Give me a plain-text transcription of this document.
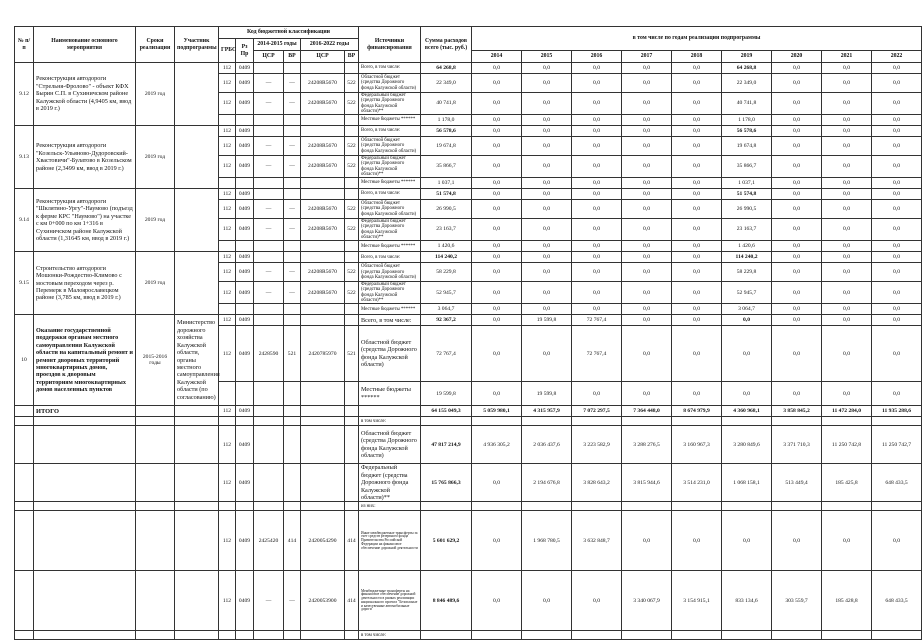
№ п/п	Наименование основного мероприятия	Сроки реализации	Участник подпрограммы	Код бюджетной классификации						Источники финансирования	Сумма расходов всего (тыс. руб.)	в том числе по годам реализации подпрограммы								
				ГРБС	Рз Пр	2014-2015 годы		2016-2022 годы												
						ЦСР	ВР	ЦСР	ВР			2014	2015	2016	2017	2018	2019	2020	2021	2022
9.12	Реконструкция автодороги "Стрельня-Фролово" - объект КФХ Бырин С.П. в Сухиничском районе Калужской области (4,9405 км, ввод в 2019 г.)	2019 год		112	0409					Всего, в том числе:	64 268,8	0,0	0,0	0,0	0,0	0,0	64 268,8	0,0	0,0	0,0
				112	0409	—	—	24208R5670	522	Областной бюджет (средства Дорожного фонда Калужской области)	22 349,0	0,0	0,0	0,0	0,0	0,0	22 349,0	0,0	0,0	0,0
				112	0409	—	—	24208R5670	522	Федеральный бюджет (средства Дорожного фонда Калужской области)**	40 741,8	0,0	0,0	0,0	0,0	0,0	40 741,8	0,0	0,0	0,0
										Местные бюджеты ******	1 178,0	0,0	0,0	0,0	0,0	0,0	1 178,0	0,0	0,0	0,0
9.13	Реконструкция автодороги "Козельск-Ульяново-Дудоровский-Хвастовичи"-Булатово в Козельском районе (2,3499 км, ввод в 2019 г.)	2019 год		112	0409					Всего, в том числе:	56 578,6	0,0	0,0	0,0	0,0	0,0	56 578,6	0,0	0,0	0,0
				112	0409	—	—	24208R5670	522	Областной бюджет (средства Дорожного фонда Калужской области)	19 674,8	0,0	0,0	0,0	0,0	0,0	19 674,8	0,0	0,0	0,0
				112	0409	—	—	24208R5670	522	Федеральный бюджет (средства Дорожного фонда Калужской области)**	35 866,7	0,0	0,0	0,0	0,0	0,0	35 866,7	0,0	0,0	0,0
										Местные бюджеты ******	1 037,1	0,0	0,0	0,0	0,0	0,0	1 037,1	0,0	0,0	0,0
9.14	Реконструкция автодороги "Шклятино-Ургу"-Наумово (подъезд к ферме КРС "Наумово") на участке с км 0+000 по км 1+316 в Сухиничском районе Калужской области (1,31645 км, ввод в 2019 г.)	2019 год		112	0409					Всего, в том числе:	51 574,8	0,0	0,0	0,0	0,0	0,0	51 574,8	0,0	0,0	0,0
				112	0409	—	—	24208R5670	522	Областной бюджет (средства Дорожного фонда Калужской области)	26 990,5	0,0	0,0	0,0	0,0	0,0	26 990,5	0,0	0,0	0,0
				112	0409	—	—	24208R5670	522	Федеральный бюджет (средства Дорожного фонда Калужской области)**	23 163,7	0,0	0,0	0,0	0,0	0,0	23 163,7	0,0	0,0	0,0
										Местные бюджеты ******	1 420,6	0,0	0,0	0,0	0,0	0,0	1 420,6	0,0	0,0	0,0
9.15	Строительство автодороги Мошонки-Рождество-Климово с мостовым переходом через р. Перемерк в Малоярославецком районе (3,785 км, ввод в 2019 г.)	2019 год		112	0409					Всего, в том числе:	114 240,2	0,0	0,0	0,0	0,0	0,0	114 240,2	0,0	0,0	0,0
				112	0409	—	—	24208R5670	522	Областной бюджет (средства Дорожного фонда Калужской области)	58 229,8	0,0	0,0	0,0	0,0	0,0	58 229,8	0,0	0,0	0,0
				112	0409	—	—	24208R5670	522	Федеральный бюджет (средства Дорожного фонда Калужской области)**	52 945,7	0,0	0,0	0,0	0,0	0,0	52 945,7	0,0	0,0	0,0
										Местные бюджеты ******	3 064,7	0,0	0,0	0,0	0,0	0,0	3 064,7	0,0	0,0	0,0
10	Оказание государственной поддержки органам местного самоуправления Калужской области на капитальный ремонт и ремонт дворовых территорий многоквартирных домов, проездов к дворовым территориям многоквартирных домов населенных пунктов	2015-2016 годы	Министерство дорожного хозяйства Калужской области, органы местного самоуправления Калужской области (по согласованию)	112	0409					Всего, в том числе:	92 367,2	0,0	19 599,8	72 767,4	0,0	0,0	0,0	0,0	0,0	0,0
				112	0409	2428590	521	2420785970	521	Областной бюджет (средства Дорожного фонда Калужской области)	72 767,4	0,0	0,0	72 767,4	0,0	0,0	0,0	0,0	0,0	0,0
										Местные бюджеты ******	19 599,8	0,0	19 599,8	0,0	0,0	0,0	0,0	0,0	0,0	0,0
	ИТОГО			112	0409						64 155 049,3	5 059 980,1	4 315 957,9	7 072 297,5	7 364 448,0	8 674 979,9	4 360 968,1	3 858 845,2	11 472 284,0	11 935 288,6
										в том числе:										
				112	0409					Областной бюджет (средства Дорожного фонда Калужской области)	47 817 214,9	4 936 305,2	2 036 437,6	3 223 582,9	3 288 276,5	3 160 967,3	3 280 849,6	3 371 710,3	11 250 742,8	11 250 742,7
				112	0409					Федеральный бюджет (средства Дорожного фонда Калужской области)**	15 765 866,3	0,0	2 194 676,8	3 828 643,2	3 815 944,6	3 514 231,0	1 068 158,1	513 449,4	185 425,8	648 433,5
										из них:										
				112	0409	2425420	414	2420054290	414	Иные межбюджетные трансферты за счет средств резервного фонда Правительства Российской Федерации на финансовое обеспечение дорожной деятельности	5 601 629,2	0,0	1 968 780,5	3 632 848,7	0,0	0,0	0,0	0,0	0,0	0,0
				112	0409	—	—	2420053900	414	Межбюджетные трансферты на финансовое обеспечение дорожной деятельности в рамках реализации национального проекта "Безопасные и качественные автомобильные дороги"	8 846 489,6	0,0	0,0	0,0	3 340 067,9	3 154 915,1	833 134,6	303 559,7	185 428,8	648 433,5
										в том числе:										
